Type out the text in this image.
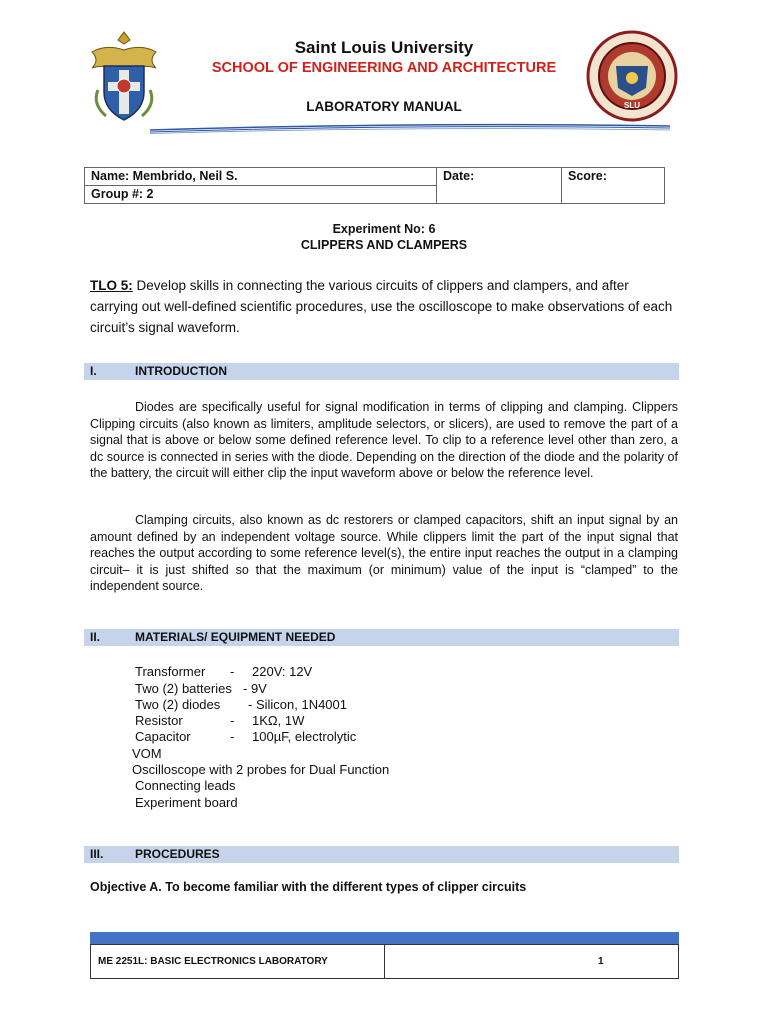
Saint Louis University
SCHOOL OF ENGINEERING AND ARCHITECTURE
LABORATORY MANUAL	SLU
Name: Membrido, Neil S.	Date:	Score:
Group #: 2
Experiment No: 6
CLIPPERS AND CLAMPERS
TLO 5: Develop skills in connecting the various circuits of clippers and clampers, and after carrying out well-defined scientific procedures, use the oscilloscope to make observations of each circuit’s signal waveform.
I.	INTRODUCTION
Diodes are specifically useful for signal modification in terms of clipping and clamping. Clippers Clipping circuits (also known as limiters, amplitude selectors, or slicers), are used to remove the part of a signal that is above or below some defined reference level. To clip to a reference level other than zero, a dc source is connected in series with the diode. Depending on the direction of the diode and the polarity of the battery, the circuit will either clip the input waveform above or below the reference level.
Clamping circuits, also known as dc restorers or clamped capacitors, shift an input signal by an amount defined by an independent voltage source. While clippers limit the part of the input signal that reaches the output according to some reference level(s), the entire input reaches the output in a clamping circuit– it is just shifted so that the maximum (or minimum) value of the input is “clamped” to the independent source.
II.	MATERIALS/ EQUIPMENT NEEDED
Transformer - 220V: 12V
Two (2) batteries - 9V
Two (2) diodes - Silicon, 1N4001
Resistor	- 1KΩ, 1W
Capacitor	- 100µF, electrolytic
VOM
Oscilloscope with 2 probes for Dual Function
Connecting leads
Experiment board
III.	PROCEDURES
Objective A. To become familiar with the different types of clipper circuits
ME 2251L: BASIC ELECTRONICS LABORATORY	1
